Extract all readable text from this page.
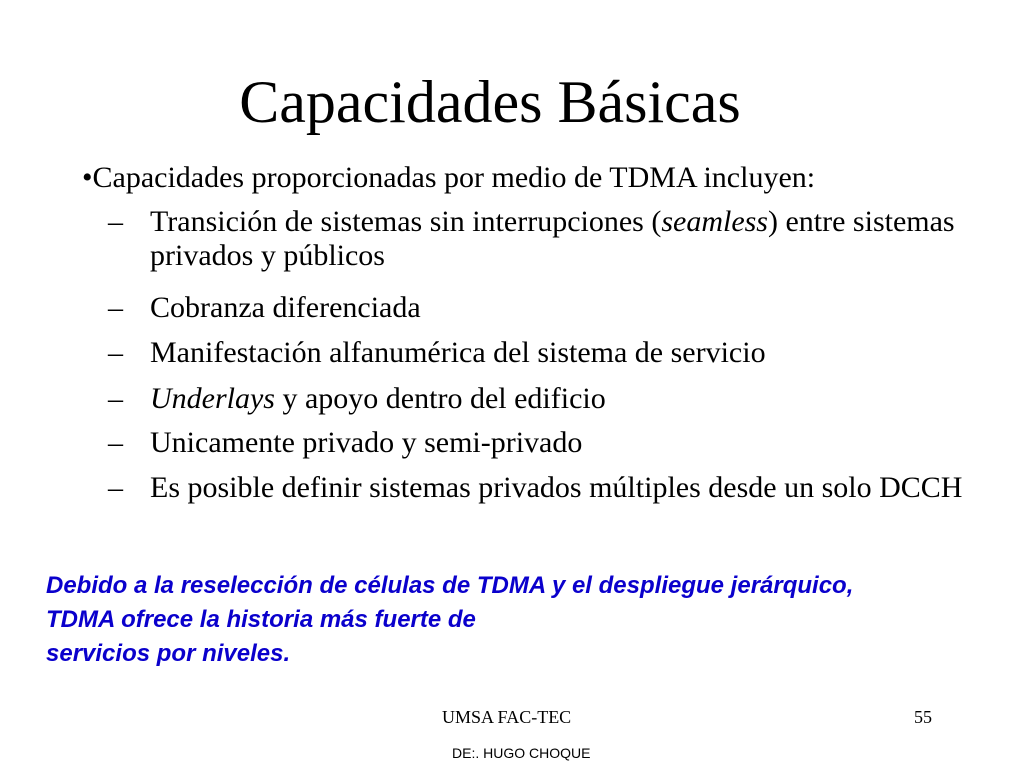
Capacidades Básicas
•Capacidades proporcionadas por medio de TDMA incluyen:
– Transición de sistemas sin interrupciones (seamless) entre sistemas privados y públicos
– Cobranza diferenciada
– Manifestación alfanumérica del sistema de servicio
– Underlays y apoyo dentro del edificio
– Unicamente privado y semi-privado
– Es posible definir sistemas privados múltiples desde un solo DCCH
Debido a la reselección de células de TDMA y el despliegue jerárquico,
TDMA ofrece la historia más fuerte de
servicios por niveles.
UMSA FAC-TEC	55
DE:. HUGO CHOQUE
